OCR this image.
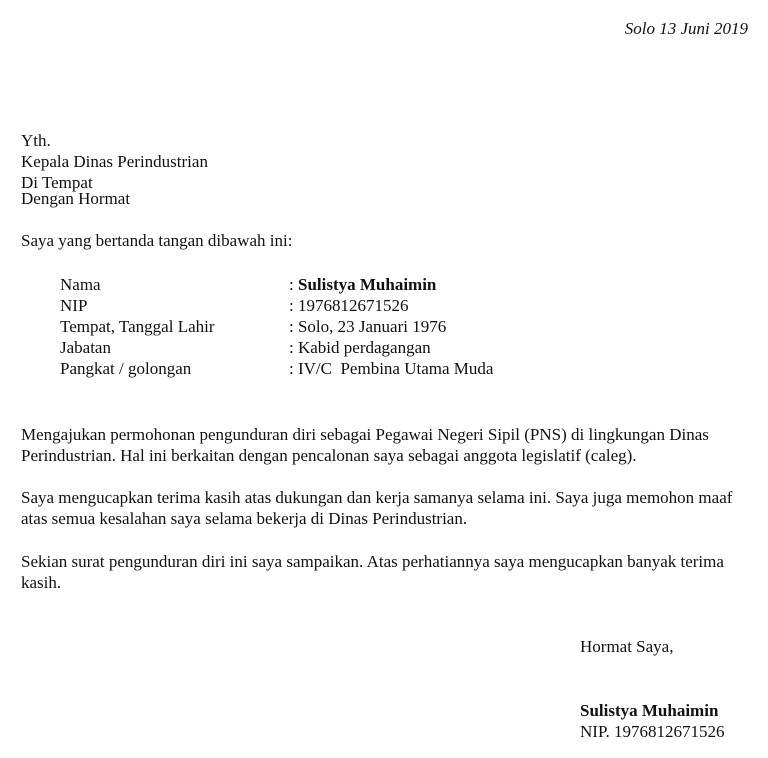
Solo 13 Juni 2019
Yth.
Kepala Dinas Perindustrian
Di Tempat
Dengan Hormat
Saya yang bertanda tangan dibawah ini:
Nama	: Sulistya Muhaimin
NIP	: 1976812671526
Tempat, Tanggal Lahir	: Solo, 23 Januari 1976
Jabatan	: Kabid perdagangan
Pangkat / golongan	: IV/C  Pembina Utama Muda
Mengajukan permohonan pengunduran diri sebagai Pegawai Negeri Sipil (PNS) di lingkungan Dinas Perindustrian. Hal ini berkaitan dengan pencalonan saya sebagai anggota legislatif (caleg).
Saya mengucapkan terima kasih atas dukungan dan kerja samanya selama ini. Saya juga memohon maaf atas semua kesalahan saya selama bekerja di Dinas Perindustrian.
Sekian surat pengunduran diri ini saya sampaikan. Atas perhatiannya saya mengucapkan banyak terima kasih.
Hormat Saya,
Sulistya Muhaimin
NIP. 1976812671526
